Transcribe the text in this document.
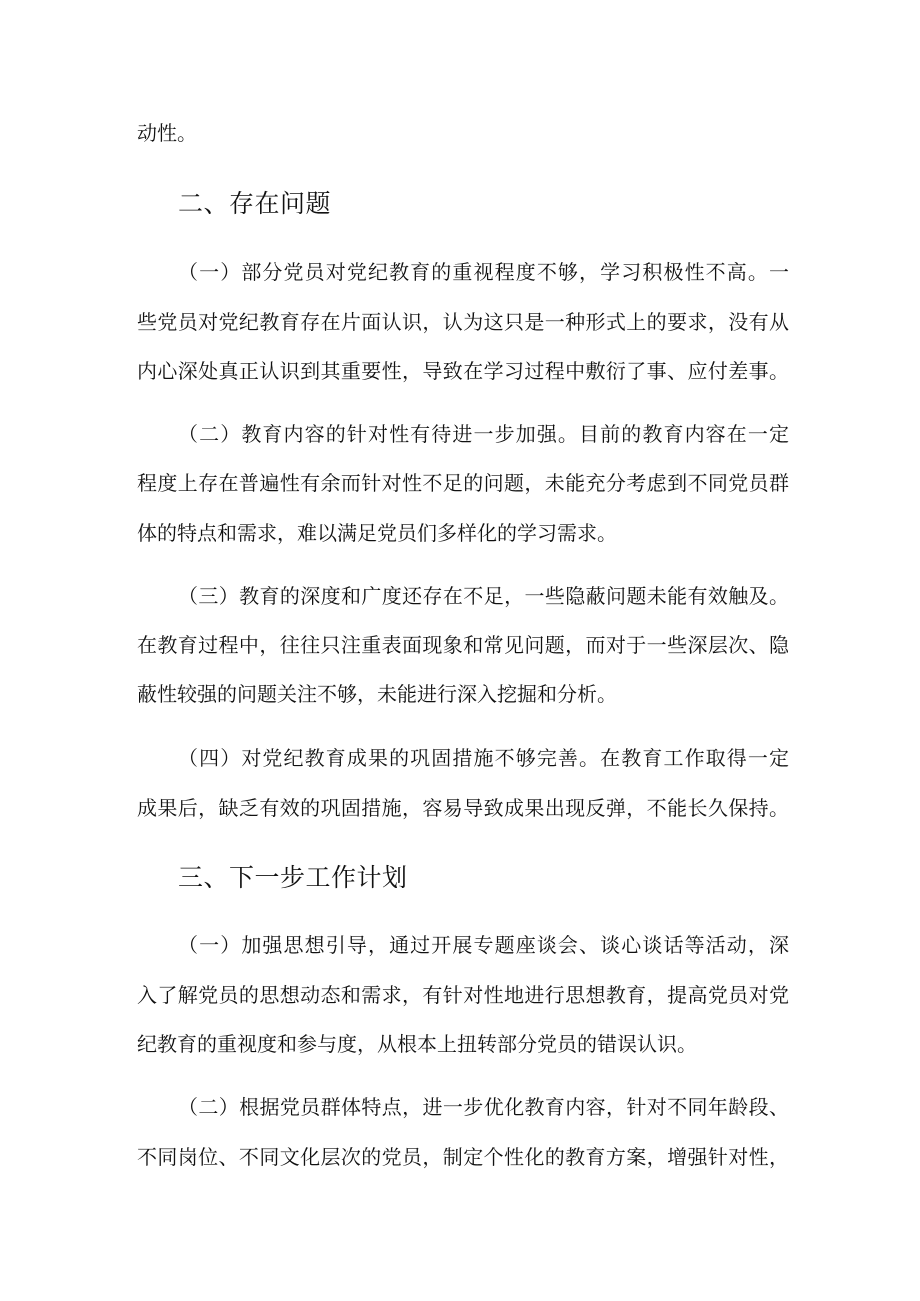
动性。
二、存在问题
（一）部分党员对党纪教育的重视程度不够，学习积极性不高。一
些党员对党纪教育存在片面认识，认为这只是一种形式上的要求，没有从
内心深处真正认识到其重要性，导致在学习过程中敷衍了事、应付差事。
（二）教育内容的针对性有待进一步加强。目前的教育内容在一定
程度上存在普遍性有余而针对性不足的问题，未能充分考虑到不同党员群
体的特点和需求，难以满足党员们多样化的学习需求。
（三）教育的深度和广度还存在不足，一些隐蔽问题未能有效触及。
在教育过程中，往往只注重表面现象和常见问题，而对于一些深层次、隐
蔽性较强的问题关注不够，未能进行深入挖掘和分析。
（四）对党纪教育成果的巩固措施不够完善。在教育工作取得一定
成果后，缺乏有效的巩固措施，容易导致成果出现反弹，不能长久保持。
三、下一步工作计划
（一）加强思想引导，通过开展专题座谈会、谈心谈话等活动，深
入了解党员的思想动态和需求，有针对性地进行思想教育，提高党员对党
纪教育的重视度和参与度，从根本上扭转部分党员的错误认识。
（二）根据党员群体特点，进一步优化教育内容，针对不同年龄段、
不同岗位、不同文化层次的党员，制定个性化的教育方案，增强针对性，
